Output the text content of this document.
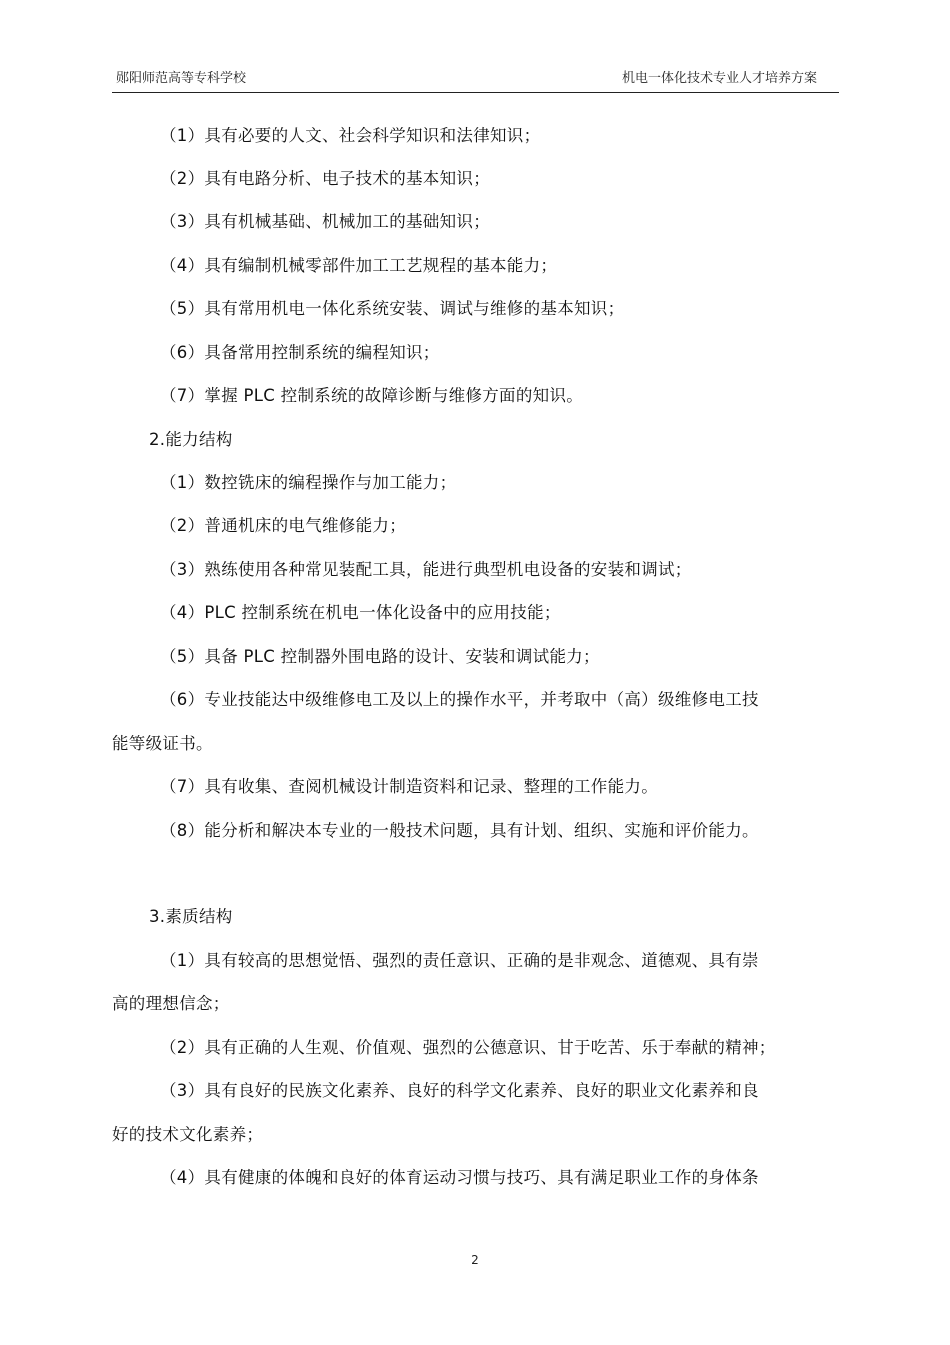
郧阳师范高等专科学校	机电一体化技术专业人才培养方案
（1）具有必要的人文、社会科学知识和法律知识；
（2）具有电路分析、电子技术的基本知识；
（3）具有机械基础、机械加工的基础知识；
（4）具有编制机械零部件加工工艺规程的基本能力；
（5）具有常用机电一体化系统安装、调试与维修的基本知识；
（6）具备常用控制系统的编程知识；
（7）掌握 PLC 控制系统的故障诊断与维修方面的知识。
2.能力结构
（1）数控铣床的编程操作与加工能力；
（2）普通机床的电气维修能力；
（3）熟练使用各种常见装配工具，能进行典型机电设备的安装和调试；
（4）PLC 控制系统在机电一体化设备中的应用技能；
（5）具备 PLC 控制器外围电路的设计、安装和调试能力；
（6）专业技能达中级维修电工及以上的操作水平，并考取中（高）级维修电工技
能等级证书。
（7）具有收集、查阅机械设计制造资料和记录、整理的工作能力。
（8）能分析和解决本专业的一般技术问题，具有计划、组织、实施和评价能力。
3.素质结构
（1）具有较高的思想觉悟、强烈的责任意识、正确的是非观念、道德观、具有崇
高的理想信念；
（2）具有正确的人生观、价值观、强烈的公德意识、甘于吃苦、乐于奉献的精神；
（3）具有良好的民族文化素养、良好的科学文化素养、良好的职业文化素养和良
好的技术文化素养；
（4）具有健康的体魄和良好的体育运动习惯与技巧、具有满足职业工作的身体条
2
